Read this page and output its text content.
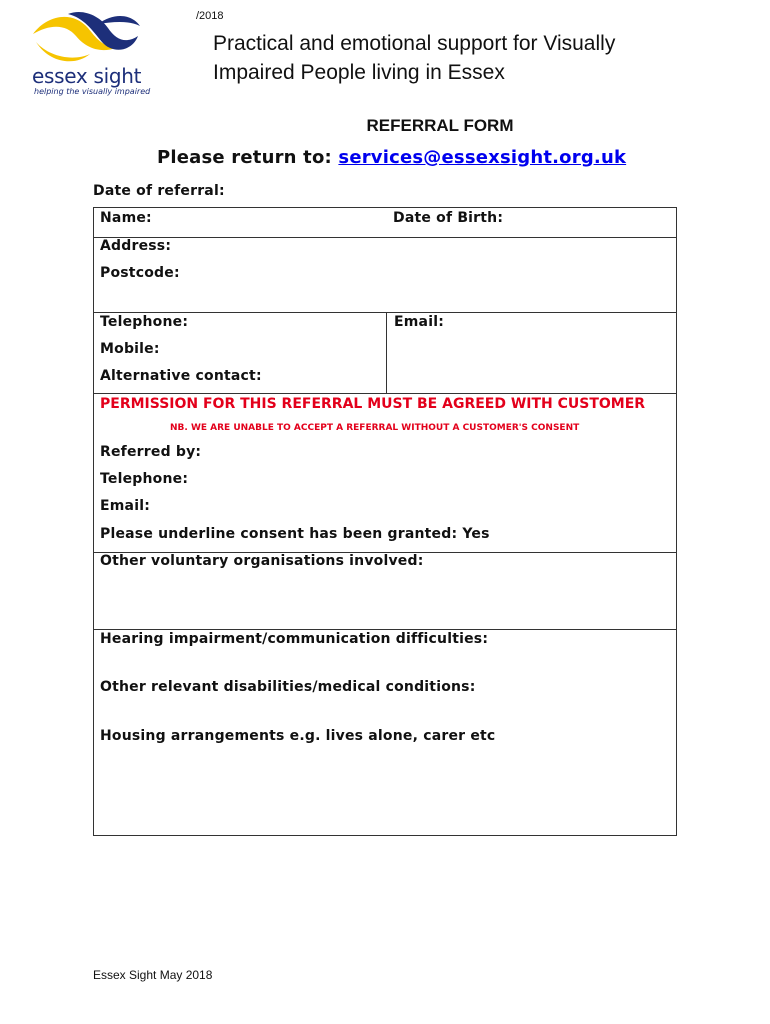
essex sight
helping the visually impaired
/2018
Practical and emotional support for Visually
Impaired People living in Essex
REFERRAL FORM
Please return to: services@essexsight.org.uk
Date of referral:
Name:	Date of Birth:
Address:
Postcode:
Telephone:	Email:
Mobile:
Alternative contact:
PERMISSION FOR THIS REFERRAL MUST BE AGREED WITH CUSTOMER
NB. WE ARE UNABLE TO ACCEPT A REFERRAL WITHOUT A CUSTOMER'S CONSENT
Referred by:
Telephone:
Email:
Please underline consent has been granted: Yes
Other voluntary organisations involved:
Hearing impairment/communication difficulties:
Other relevant disabilities/medical conditions:
Housing arrangements e.g. lives alone, carer etc
Essex Sight May 2018
